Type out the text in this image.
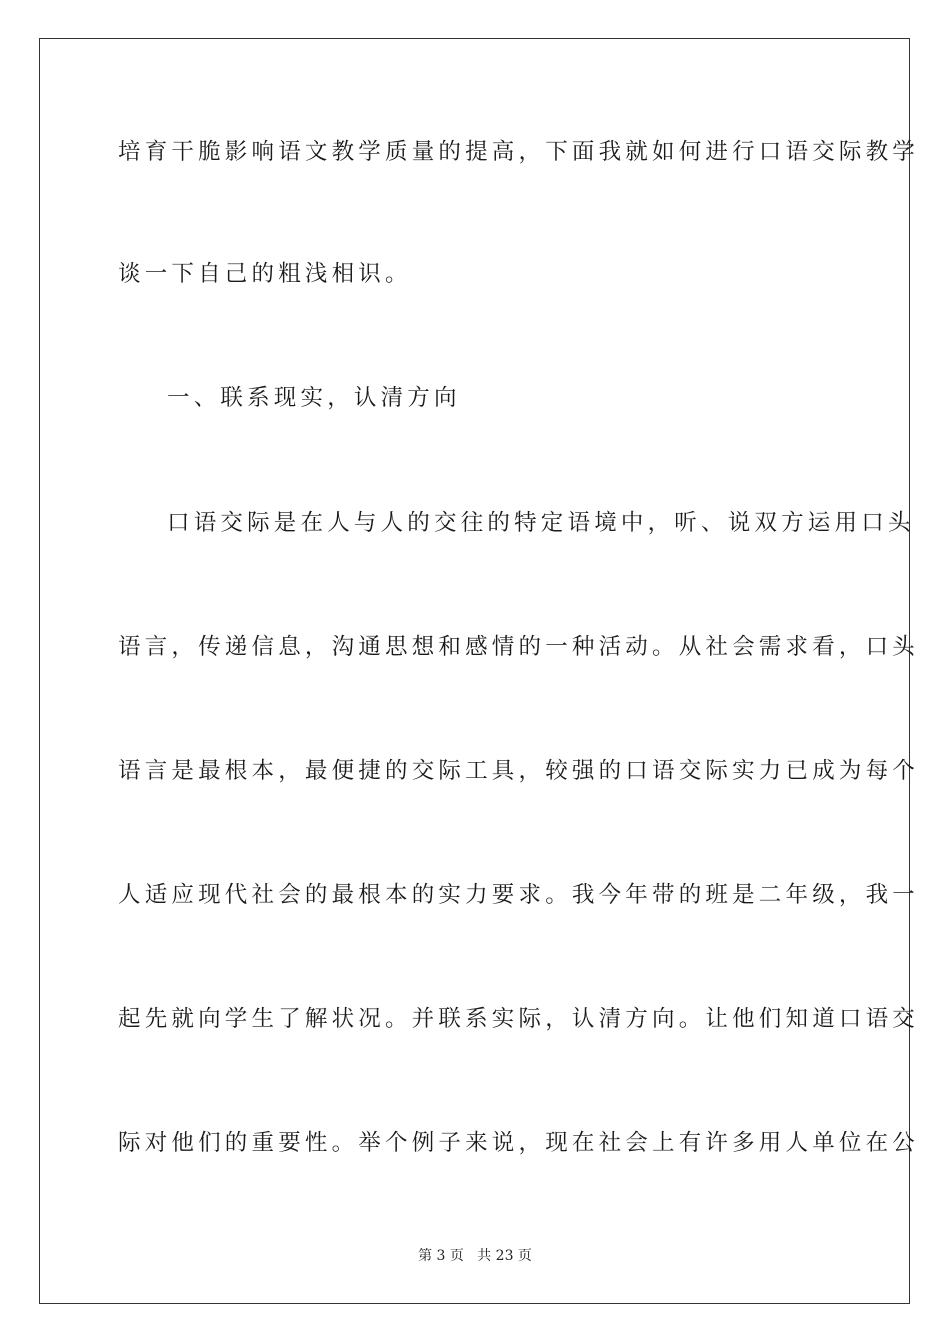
培育干脆影响语文教学质量的提高，下面我就如何进行口语交际教学
谈一下自己的粗浅相识。
一、联系现实，认清方向
口语交际是在人与人的交往的特定语境中，听、说双方运用口头
语言，传递信息，沟通思想和感情的一种活动。从社会需求看，口头
语言是最根本，最便捷的交际工具，较强的口语交际实力已成为每个
人适应现代社会的最根本的实力要求。我今年带的班是二年级，我一
起先就向学生了解状况。并联系实际，认清方向。让他们知道口语交
际对他们的重要性。举个例子来说，现在社会上有许多用人单位在公
第 3 页   共 23 页
